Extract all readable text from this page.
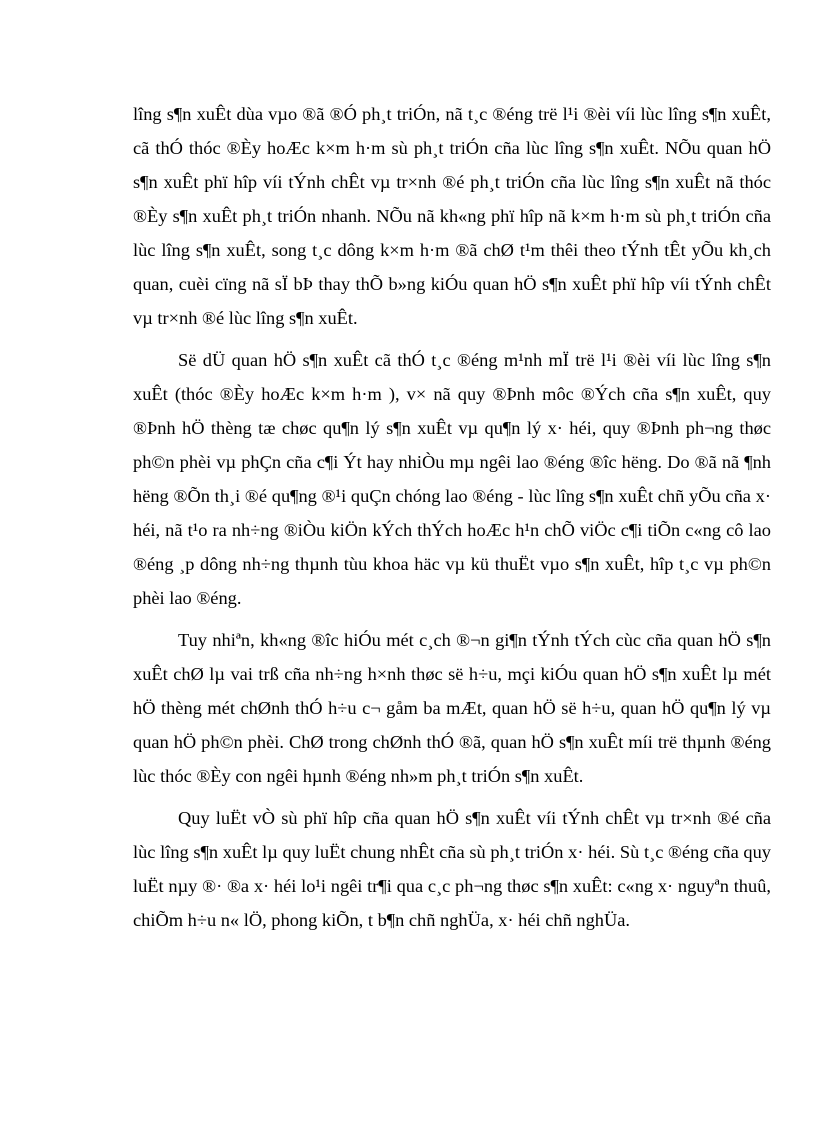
lîng s¶n xuÊt dùa vµo ®ã ®Ó ph¸t triÓn, nã t¸c ®éng trë l¹i ®èi víi lùc lîng s¶n xuÊt, cã thÓ thóc ®Èy hoÆc k×m h·m sù ph¸t triÓn cña lùc lîng s¶n xuÊt. NÕu quan hÖ s¶n xuÊt phï hîp víi tÝnh chÊt vµ tr×nh ®é ph¸t triÓn cña lùc lîng s¶n xuÊt nã thóc ®Èy s¶n xuÊt ph¸t triÓn nhanh. NÕu nã kh«ng phï hîp nã k×m h·m sù ph¸t triÓn cña lùc lîng s¶n xuÊt, song t¸c dông k×m h·m ®ã chØ t¹m thêi theo tÝnh tÊt yÕu kh¸ch quan, cuèi cïng nã sÏ bÞ thay thÕ b»ng kiÓu quan hÖ s¶n xuÊt phï hîp víi tÝnh chÊt vµ tr×nh ®é lùc lîng s¶n xuÊt.

Së dÜ quan hÖ s¶n xuÊt cã thÓ t¸c ®éng m¹nh mÏ trë l¹i ®èi víi lùc lîng s¶n xuÊt (thóc ®Èy hoÆc k×m h·m ), v× nã quy ®Þnh môc ®Ých cña s¶n xuÊt, quy ®Þnh hÖ thèng tæ chøc qu¶n lý s¶n xuÊt vµ qu¶n lý x· héi, quy ®Þnh ph¬ng thøc ph©n phèi vµ phÇn cña c¶i Ýt hay nhiÒu mµ ngêi lao ®éng ®îc hëng. Do ®ã nã ¶nh hëng ®Õn th¸i ®é qu¶ng ®¹i quÇn chóng lao ®éng - lùc lîng s¶n xuÊt chñ yÕu cña x· héi, nã t¹o ra nh÷ng ®iÒu kiÖn kÝch thÝch hoÆc h¹n chÕ viÖc c¶i tiÕn c«ng cô lao ®éng ¸p dông nh÷ng thµnh tùu khoa häc vµ kü thuËt vµo s¶n xuÊt, hîp t¸c vµ ph©n phèi lao ®éng.

Tuy nhiªn, kh«ng ®îc hiÓu mét c¸ch ®¬n gi¶n tÝnh tÝch cùc cña quan hÖ s¶n xuÊt chØ lµ vai trß cña nh÷ng h×nh thøc së h÷u, mçi kiÓu quan hÖ s¶n xuÊt lµ mét hÖ thèng mét chØnh thÓ h÷u c¬ gåm ba mÆt, quan hÖ së h÷u, quan hÖ qu¶n lý vµ quan hÖ ph©n phèi. ChØ trong chØnh thÓ ®ã, quan hÖ s¶n xuÊt míi trë thµnh ®éng lùc thóc ®Èy con ngêi hµnh ®éng nh»m ph¸t triÓn s¶n xuÊt.

Quy luËt vÒ sù phï hîp cña quan hÖ s¶n xuÊt víi tÝnh chÊt vµ tr×nh ®é cña lùc lîng s¶n xuÊt lµ quy luËt chung nhÊt cña sù ph¸t triÓn x· héi. Sù t¸c ®éng cña quy luËt nµy ®· ®a x· héi lo¹i ngêi tr¶i qua c¸c ph¬ng thøc s¶n xuÊt: c«ng x· nguyªn thuû, chiÕm h÷u n« lÖ, phong kiÕn, t b¶n chñ nghÜa, x· héi chñ nghÜa.
